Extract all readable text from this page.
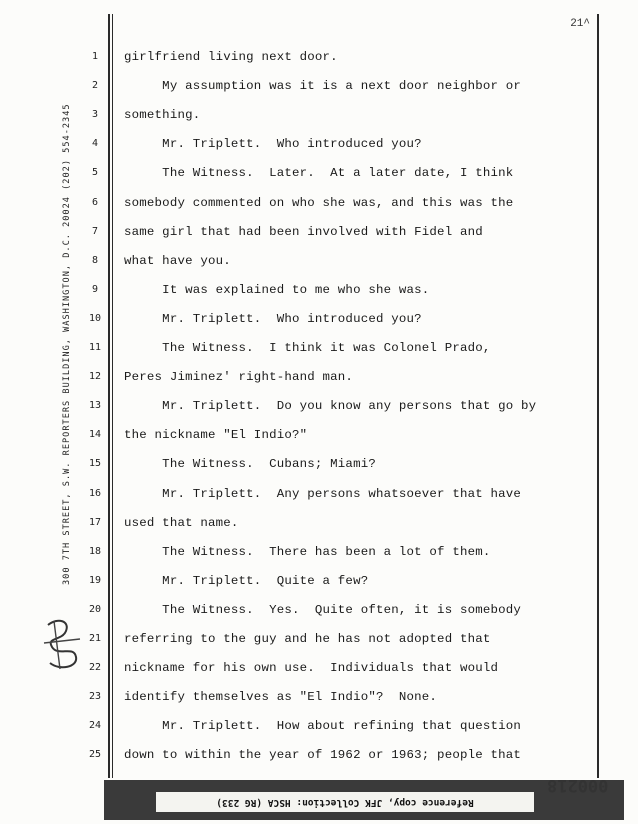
21^
300 7TH STREET, S.W. REPORTERS BUILDING, WASHINGTON, D.C. 20024 (202) 554-2345
1	girlfriend living next door.
2	My assumption was it is a next door neighbor or
3	something.
4	Mr. Triplett.  Who introduced you?
5	The Witness.  Later.  At a later date, I think
6	somebody commented on who she was, and this was the
7	same girl that had been involved with Fidel and
8	what have you.
9	It was explained to me who she was.
10	Mr. Triplett.  Who introduced you?
11	The Witness.  I think it was Colonel Prado,
12	Peres Jiminez' right-hand man.
13	Mr. Triplett.  Do you know any persons that go by
14	the nickname "El Indio?"
15	The Witness.  Cubans; Miami?
16	Mr. Triplett.  Any persons whatsoever that have
17	used that name.
18	The Witness.  There has been a lot of them.
19	Mr. Triplett.  Quite a few?
20	The Witness.  Yes.  Quite often, it is somebody
21	referring to the guy and he has not adopted that
22	nickname for his own use.  Individuals that would
23	identify themselves as "El Indio"?  None.
24	Mr. Triplett.  How about refining that question
25	down to within the year of 1962 or 1963; people that
Reference copy, JFK Collection: HSCA (RG 233)
000218
